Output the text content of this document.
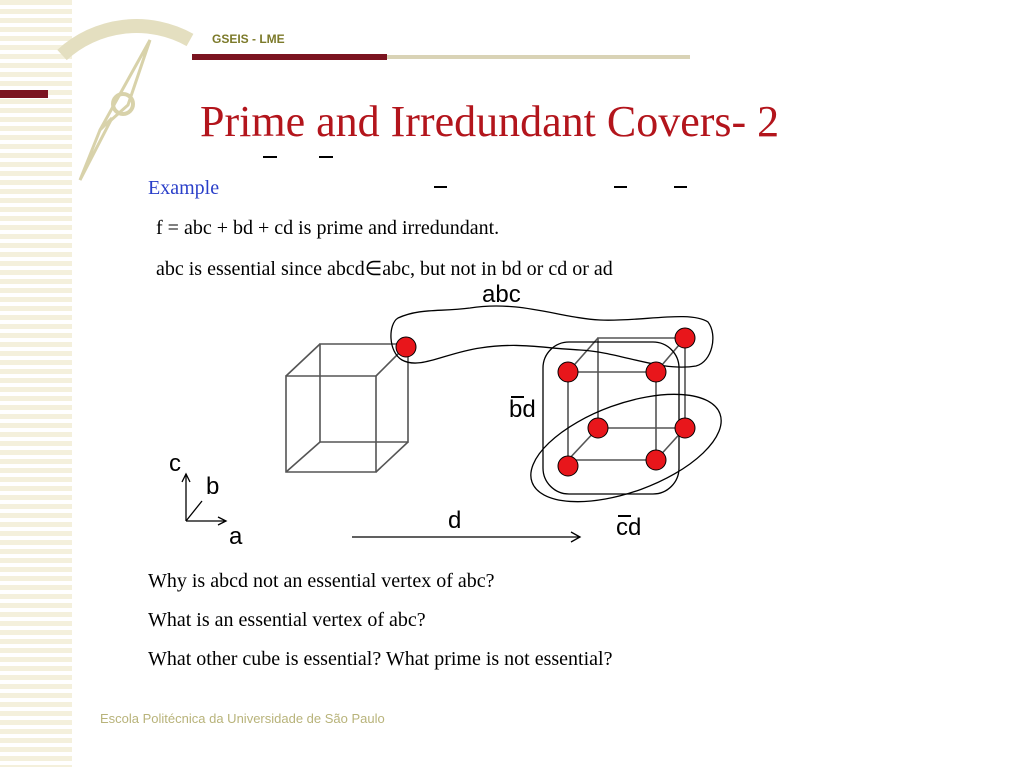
GSEIS - LME
Prime and Irredundant Covers- 2
Example
f = abc + bd + cd is prime and irredundant.
abc is essential since abcd∈abc, but not in bd or cd or ad
abc
bd
d	cd
c
b
a
Why is abcd not an essential vertex of abc?
What is an essential vertex of abc?
What other cube is essential? What prime is not essential?
Escola Politécnica da Universidade de São Paulo
